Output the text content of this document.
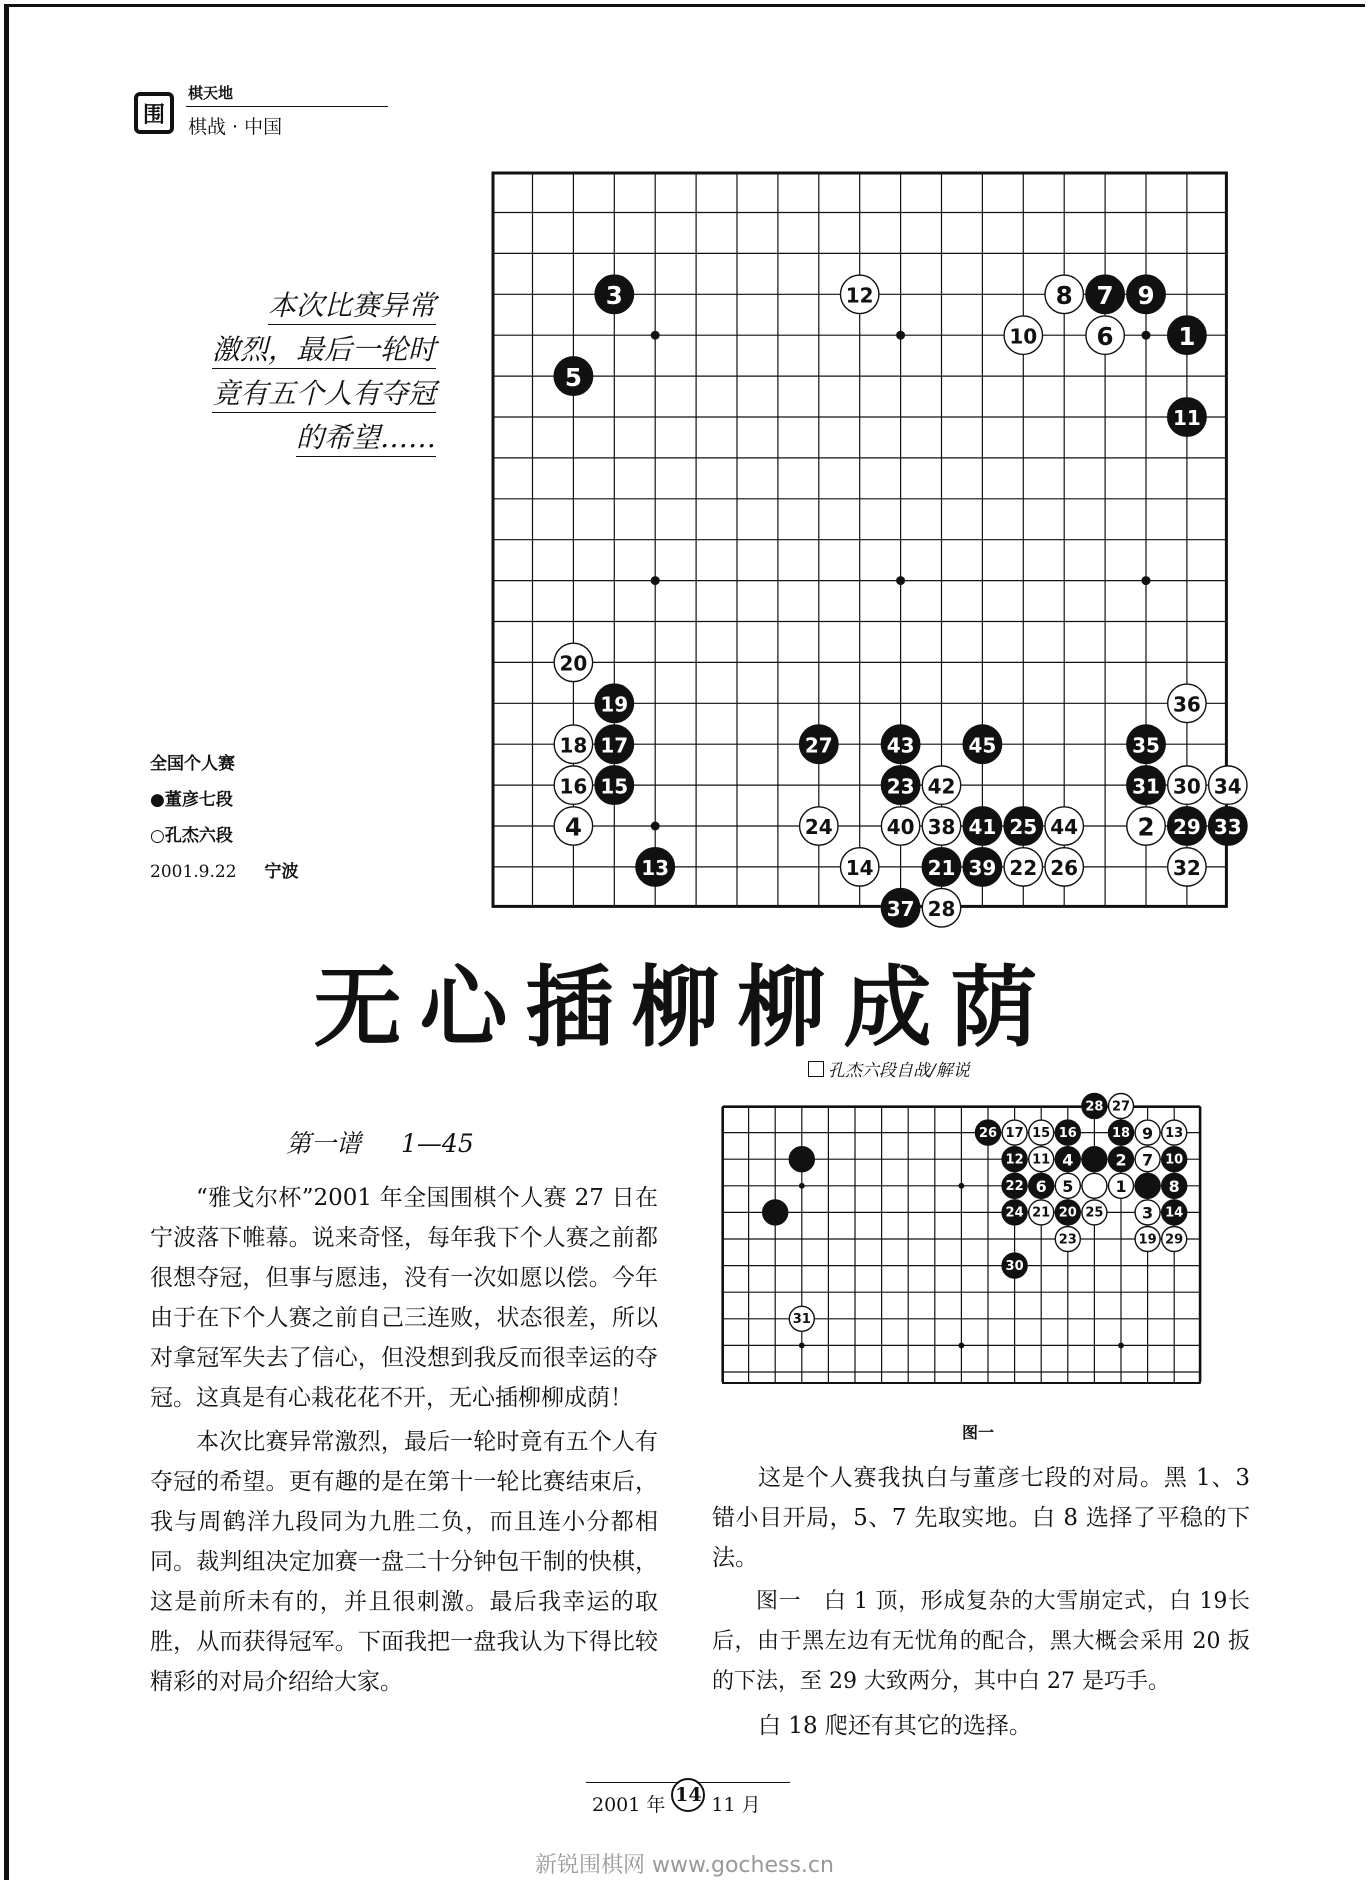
围
棋天地
棋战 · 中国
本次比赛异常
激烈，最后一轮时
竟有五个人有夺冠
的希望……
3	12	8 7 9
10 6	1
5
11
20
19	36
18 17	27	43	45	35
16 15	23 42	31 30 34
4	24	40 38 41 25 44 2 29 33
13	14	21 39 22 26	32
37 28
全国个人赛
●董彦七段
○孔杰六段
2001.9.22 宁波
无心插柳柳成荫
孔杰六段自战/解说
第一谱 1—45

“雅戈尔杯”2001 年全国围棋个人赛 27 日在宁波落下帷幕。说来奇怪，每年我下个人赛之前都很想夺冠，但事与愿违，没有一次如愿以偿。今年由于在下个人赛之前自己三连败，状态很差，所以对拿冠军失去了信心，但没想到我反而很幸运的夺冠。这真是有心栽花花不开，无心插柳柳成荫！

本次比赛异常激烈，最后一轮时竟有五个人有夺冠的希望。更有趣的是在第十一轮比赛结束后，我与周鹤洋九段同为九胜二负，而且连小分都相同。裁判组决定加赛一盘二十分钟包干制的快棋，这是前所未有的，并且很刺激。最后我幸运的取胜，从而获得冠军。下面我把一盘我认为下得比较精彩的对局介绍给大家。

28 27
26 17 15 16	18 9 13
12 11 4	2 7 10
22 6 5	1	8
24 21 20 25 3 14
23	19 29
30
31
图一

这是个人赛我执白与董彦七段的对局。黑 1、3 错小目开局，5、7 先取实地。白 8 选择了平稳的下法。

图一　白 1 顶，形成复杂的大雪崩定式，白 19长后，由于黑左边有无忧角的配合，黑大概会采用 20 扳的下法，至 29 大致两分，其中白 27 是巧手。

白 18 爬还有其它的选择。

2001 年 14 11 月
新锐围棋网 www.gochess.cn
